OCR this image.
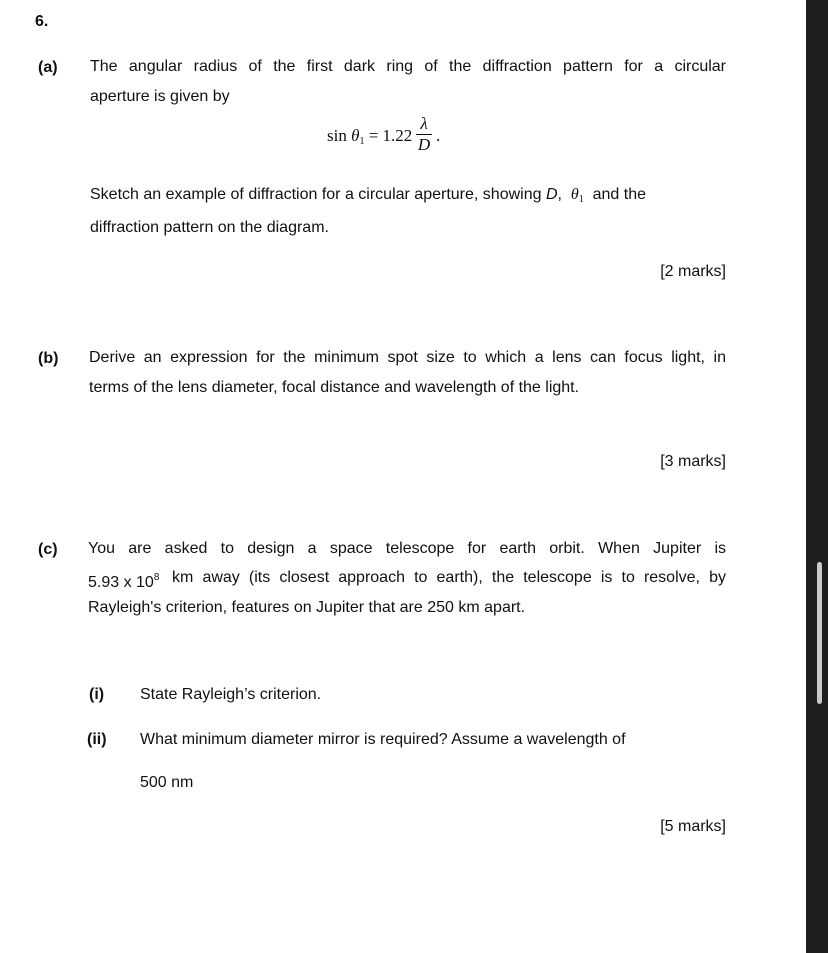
6.
(a) The angular radius of the first dark ring of the diffraction pattern for a circular
aperture is given by
$\sin \theta_1 = 1.22$
λ
D .
Sketch an example of diffraction for a circular aperture, showing D, $\theta_1$ and the
diffraction pattern on the diagram.
[2 marks]
(b) Derive an expression for the minimum spot size to which a lens can focus light, in
terms of the lens diameter, focal distance and wavelength of the light.
[3 marks]
(c) You are asked to design a space telescope for earth orbit. When Jupiter is
5.93 x $10^8$ km away (its closest approach to earth), the telescope is to resolve, by
Rayleigh's criterion, features on Jupiter that are 250 km apart.
(i) State Rayleigh’s criterion.
(ii) What minimum diameter mirror is required? Assume a wavelength of
500 nm
[5 marks]
